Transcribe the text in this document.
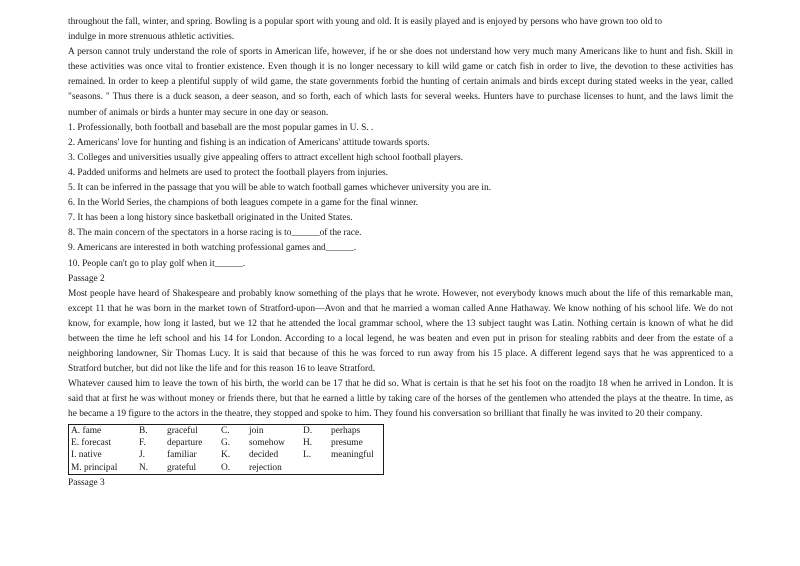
throughout the fall, winter, and spring. Bowling is a popular sport with young and old. It is easily played and is enjoyed by persons who have grown too old to

indulge in more strenuous athletic activities.

A person cannot truly understand the role of sports in American life, however, if he or she does not understand how very much many Americans like to hunt and fish. Skill in these activities was once vital to frontier existence. Even though it is no longer necessary to kill wild game or catch fish in order to live, the devotion to these activities has remained. In order to keep a plentiful supply of wild game, the state governments forbid the hunting of certain animals and birds except during stated weeks in the year, called "seasons. " Thus there is a duck season, a deer season, and so forth, each of which lasts for several weeks. Hunters have to purchase licenses to hunt, and the laws limit the number of animals or birds a hunter may secure in one day or season.

1. Professionally, both football and baseball are the most popular games in U. S. .

2. Americans' love for hunting and fishing is an indication of Americans' attitude towards sports.

3. Colleges and universities usually give appealing offers to attract excellent high school football players.

4. Padded uniforms and helmets are used to protect the football players from injuries.

5. It can be inferred in the passage that you will be able to watch football games whichever university you are in.

6. In the World Series, the champions of both leagues compete in a game for the final winner.

7. It has been a long history since basketball originated in the United States.

8. The main concern of the spectators in a horse racing is to______of the race.

9. Americans are interested in both watching professional games and______.

10. People can't go to play golf when it______.

Passage 2

Most people have heard of Shakespeare and probably know something of the plays that he wrote. However, not everybody knows much about the life of this remarkable man, except 11 that he was born in the market town of Stratford-upon—Avon and that he married a woman called Anne Hathaway. We know nothing of his school life. We do not know, for example, how long it lasted, but we 12 that he attended the local grammar school, where the 13 subject taught was Latin. Nothing certain is known of what he did between the time he left school and his 14 for London. According to a local legend, he was beaten and even put in prison for stealing rabbits and deer from the estate of a neighboring landowner, Sir Thomas Lucy. It is said that because of this he was forced to run away from his 15 place. A different legend says that he was apprenticed to a Stratford butcher, but did not like the life and for this reason 16 to leave Stratford.

Whatever caused him to leave the town of his birth, the world can be 17 that he did so. What is certain is that he set his foot on the roadjto 18 when he arrived in London. It is said that at first he was without money or friends there, but that he earned a little by taking care of the horses of the gentlemen who attended the plays at the theatre. In time, as he became a 19 figure to the actors in the theatre, they stopped and spoke to him. They found his conversation so brilliant that finally he was invited to 20 their company.

A. fame	B.	graceful	C.	join	D.	perhaps
E. forecast	F.	departure	G.	somehow	H.	presume
I. native	J.	familiar	K.	decided	L.	meaningful
M. principal	N.	grateful	O.	rejection		

Passage 3
